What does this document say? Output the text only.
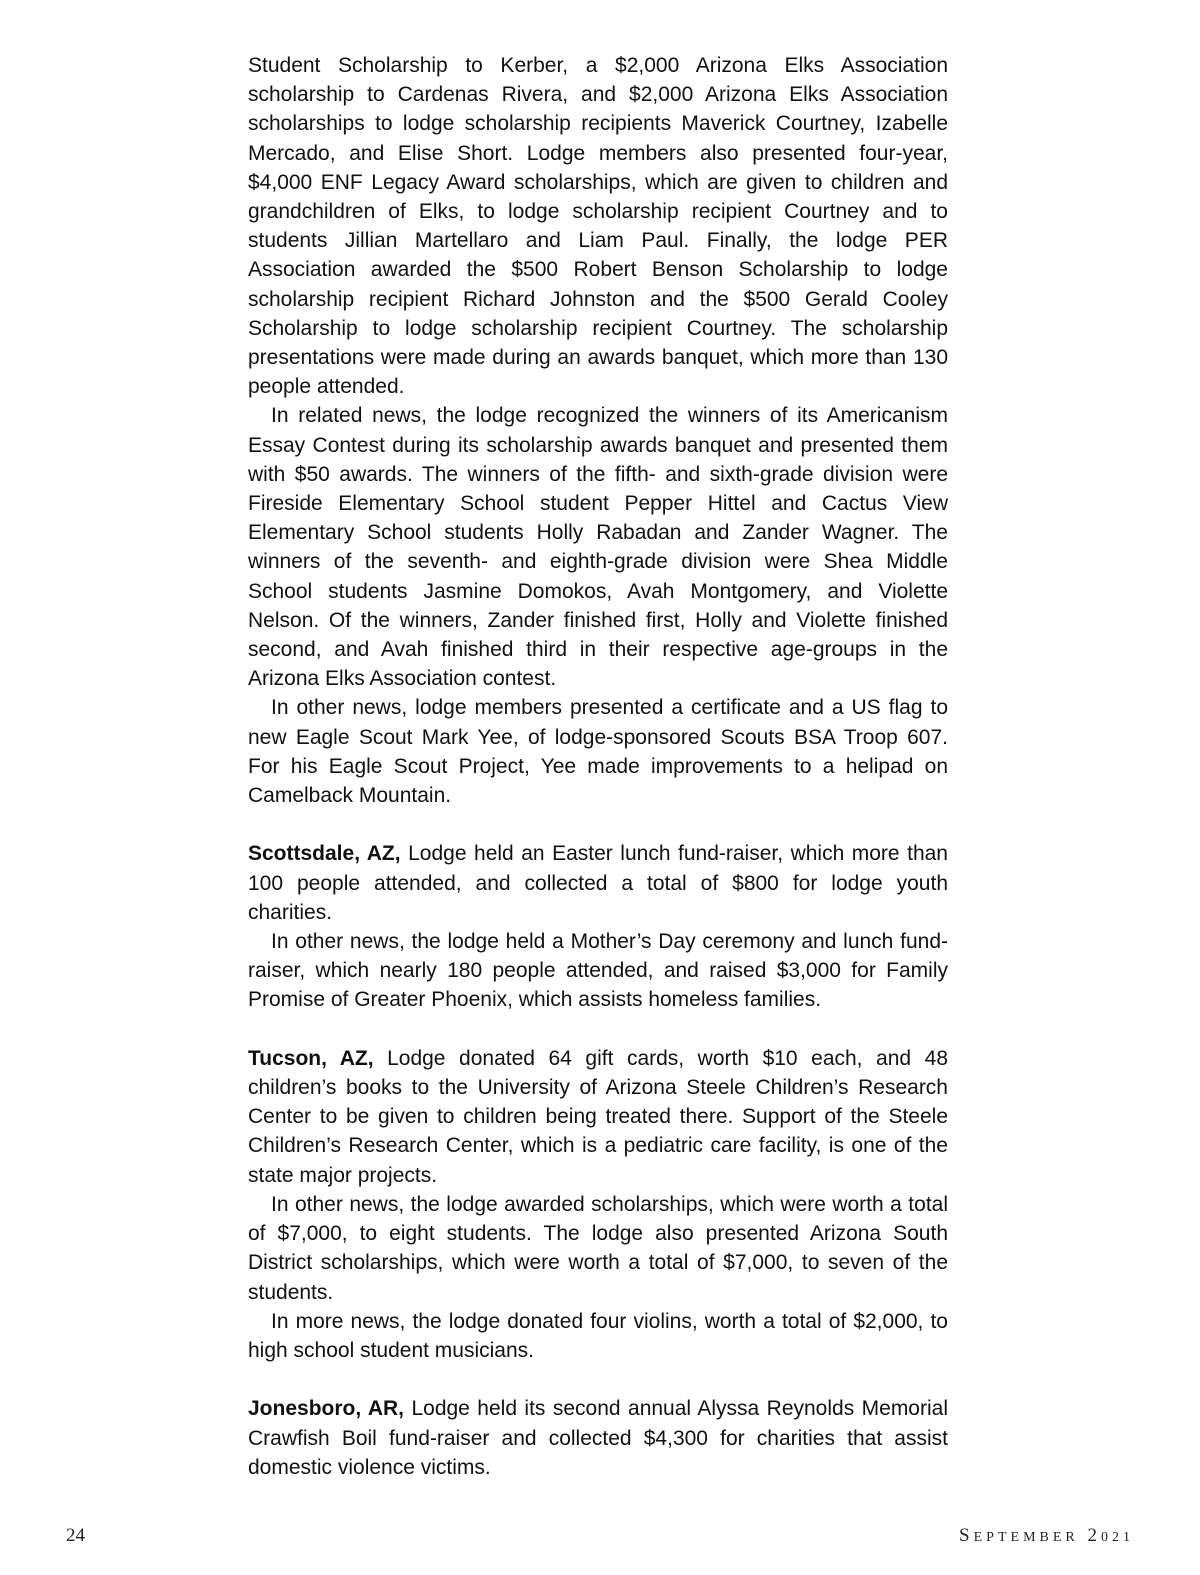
Student Scholarship to Kerber, a $2,000 Arizona Elks Association scholarship to Cardenas Rivera, and $2,000 Arizona Elks Association scholarships to lodge scholarship recipients Maverick Courtney, Izabelle Mercado, and Elise Short. Lodge members also presented four-year, $4,000 ENF Legacy Award scholarships, which are given to children and grandchildren of Elks, to lodge scholarship recipient Courtney and to students Jillian Martellaro and Liam Paul. Finally, the lodge PER Association awarded the $500 Robert Benson Scholarship to lodge scholarship recipient Richard Johnston and the $500 Gerald Cooley Scholarship to lodge scholarship recipient Courtney. The scholarship presentations were made during an awards banquet, which more than 130 people attended.

In related news, the lodge recognized the winners of its Americanism Essay Contest during its scholarship awards banquet and presented them with $50 awards. The winners of the fifth- and sixth-grade division were Fireside Elementary School student Pepper Hittel and Cactus View Elementary School students Holly Rabadan and Zander Wagner. The winners of the seventh- and eighth-grade division were Shea Middle School students Jasmine Domokos, Avah Montgomery, and Violette Nelson. Of the winners, Zander finished first, Holly and Violette finished second, and Avah finished third in their respective age-groups in the Arizona Elks Association contest.

In other news, lodge members presented a certificate and a US flag to new Eagle Scout Mark Yee, of lodge-sponsored Scouts BSA Troop 607. For his Eagle Scout Project, Yee made improvements to a helipad on Camelback Mountain.

Scottsdale, AZ, Lodge held an Easter lunch fund-raiser, which more than 100 people attended, and collected a total of $800 for lodge youth charities.

In other news, the lodge held a Mother’s Day ceremony and lunch fund-raiser, which nearly 180 people attended, and raised $3,000 for Family Promise of Greater Phoenix, which assists homeless families.

Tucson, AZ, Lodge donated 64 gift cards, worth $10 each, and 48 children’s books to the University of Arizona Steele Children’s Research Center to be given to children being treated there. Support of the Steele Children’s Research Center, which is a pediatric care facility, is one of the state major projects.

In other news, the lodge awarded scholarships, which were worth a total of $7,000, to eight students. The lodge also presented Arizona South District scholarships, which were worth a total of $7,000, to seven of the students.

In more news, the lodge donated four violins, worth a total of $2,000, to high school student musicians.

Jonesboro, AR, Lodge held its second annual Alyssa Reynolds Memorial Crawfish Boil fund-raiser and collected $4,300 for charities that assist domestic violence victims.

24	SEPTEMBER 2021
